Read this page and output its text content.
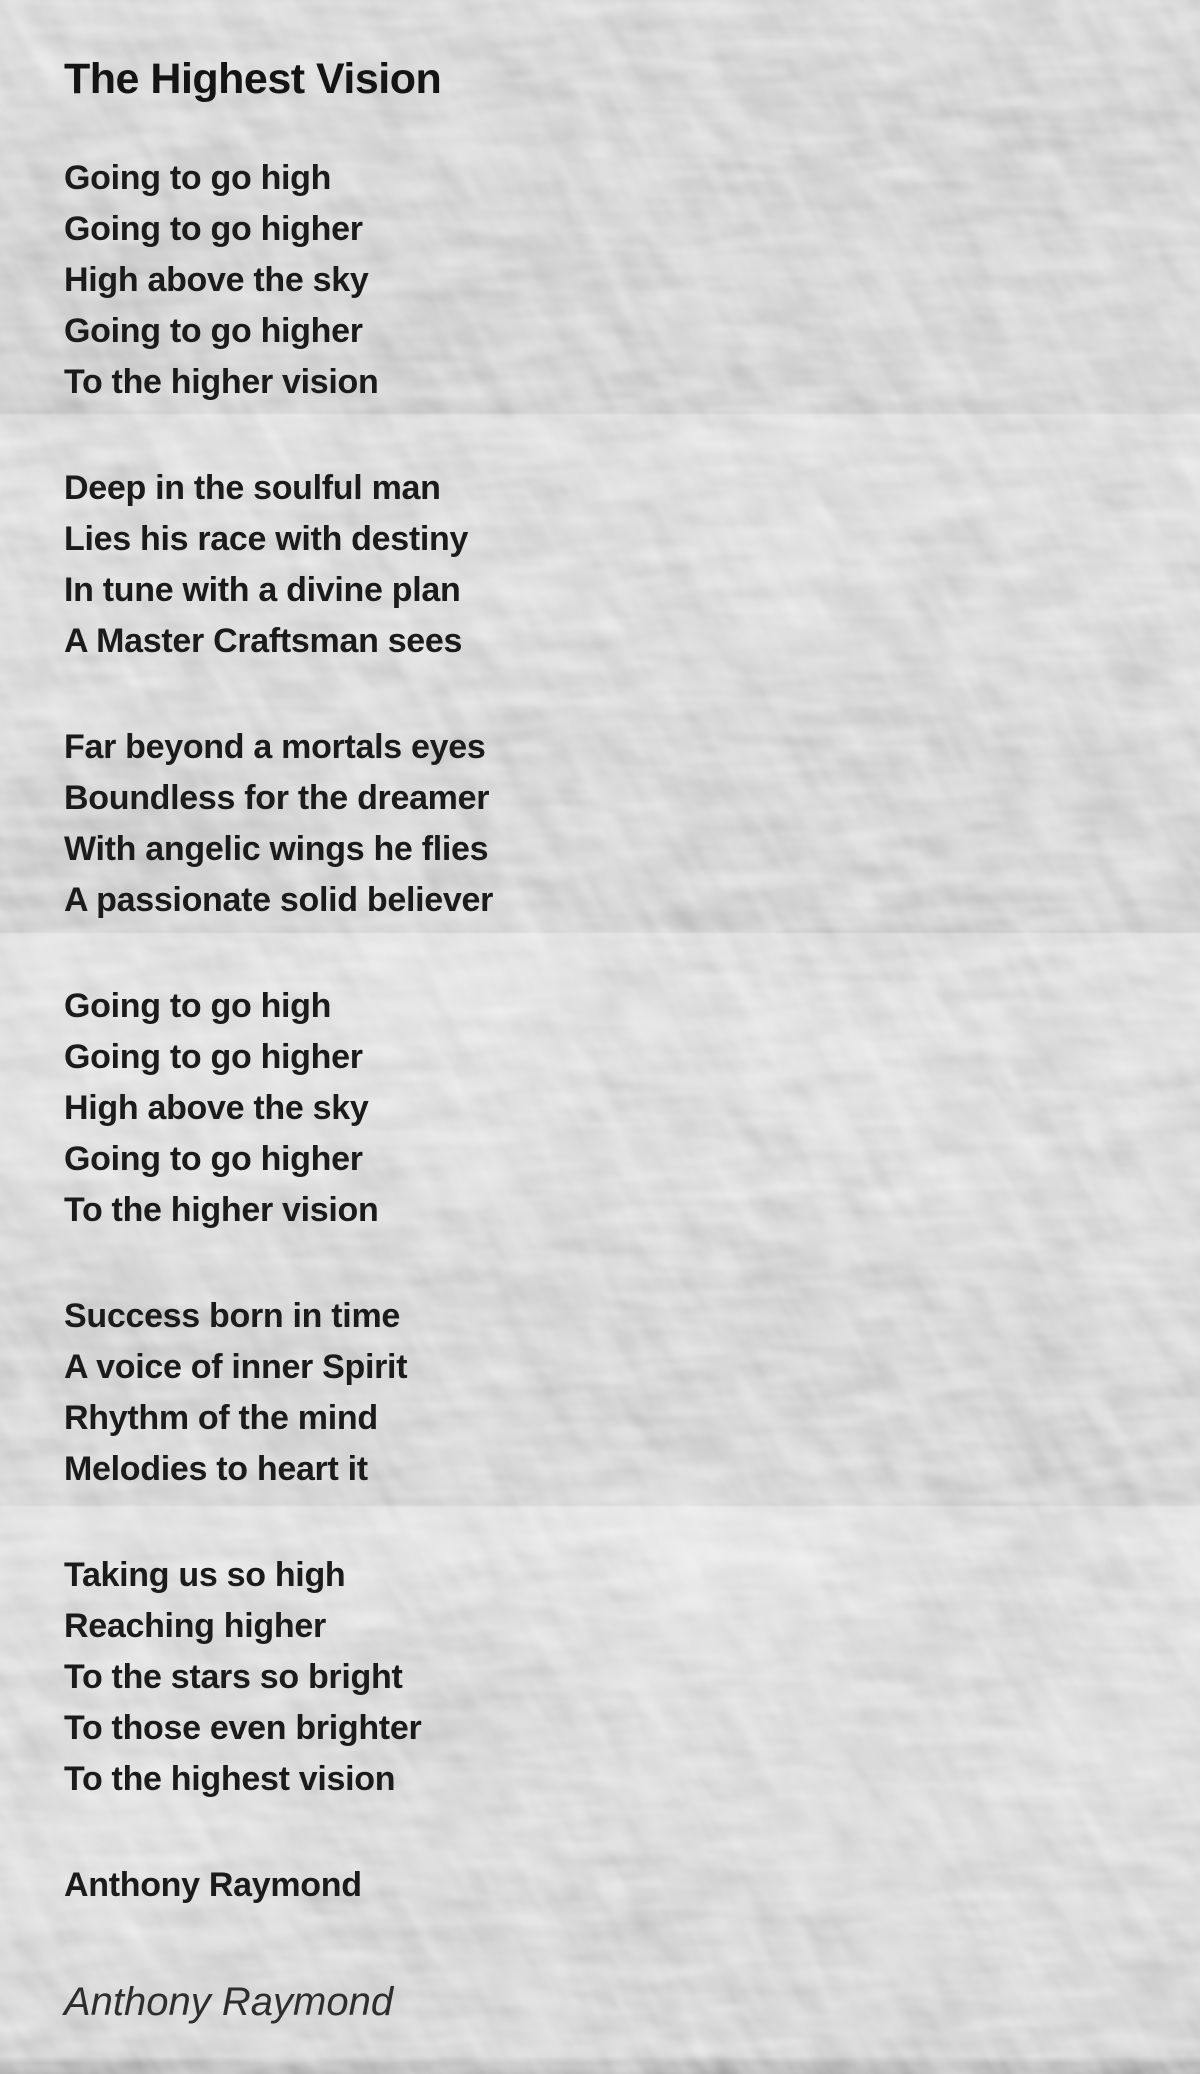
The Highest Vision
Going to go high
Going to go higher
High above the sky
Going to go higher
To the higher vision
Deep in the soulful man
Lies his race with destiny
In tune with a divine plan
A Master Craftsman sees
Far beyond a mortals eyes
Boundless for the dreamer
With angelic wings he flies
A passionate solid believer
Going to go high
Going to go higher
High above the sky
Going to go higher
To the higher vision
Success born in time
A voice of inner Spirit
Rhythm of the mind
Melodies to heart it
Taking us so high
Reaching higher
To the stars so bright
To those even brighter
To the highest vision
Anthony Raymond
Anthony Raymond
